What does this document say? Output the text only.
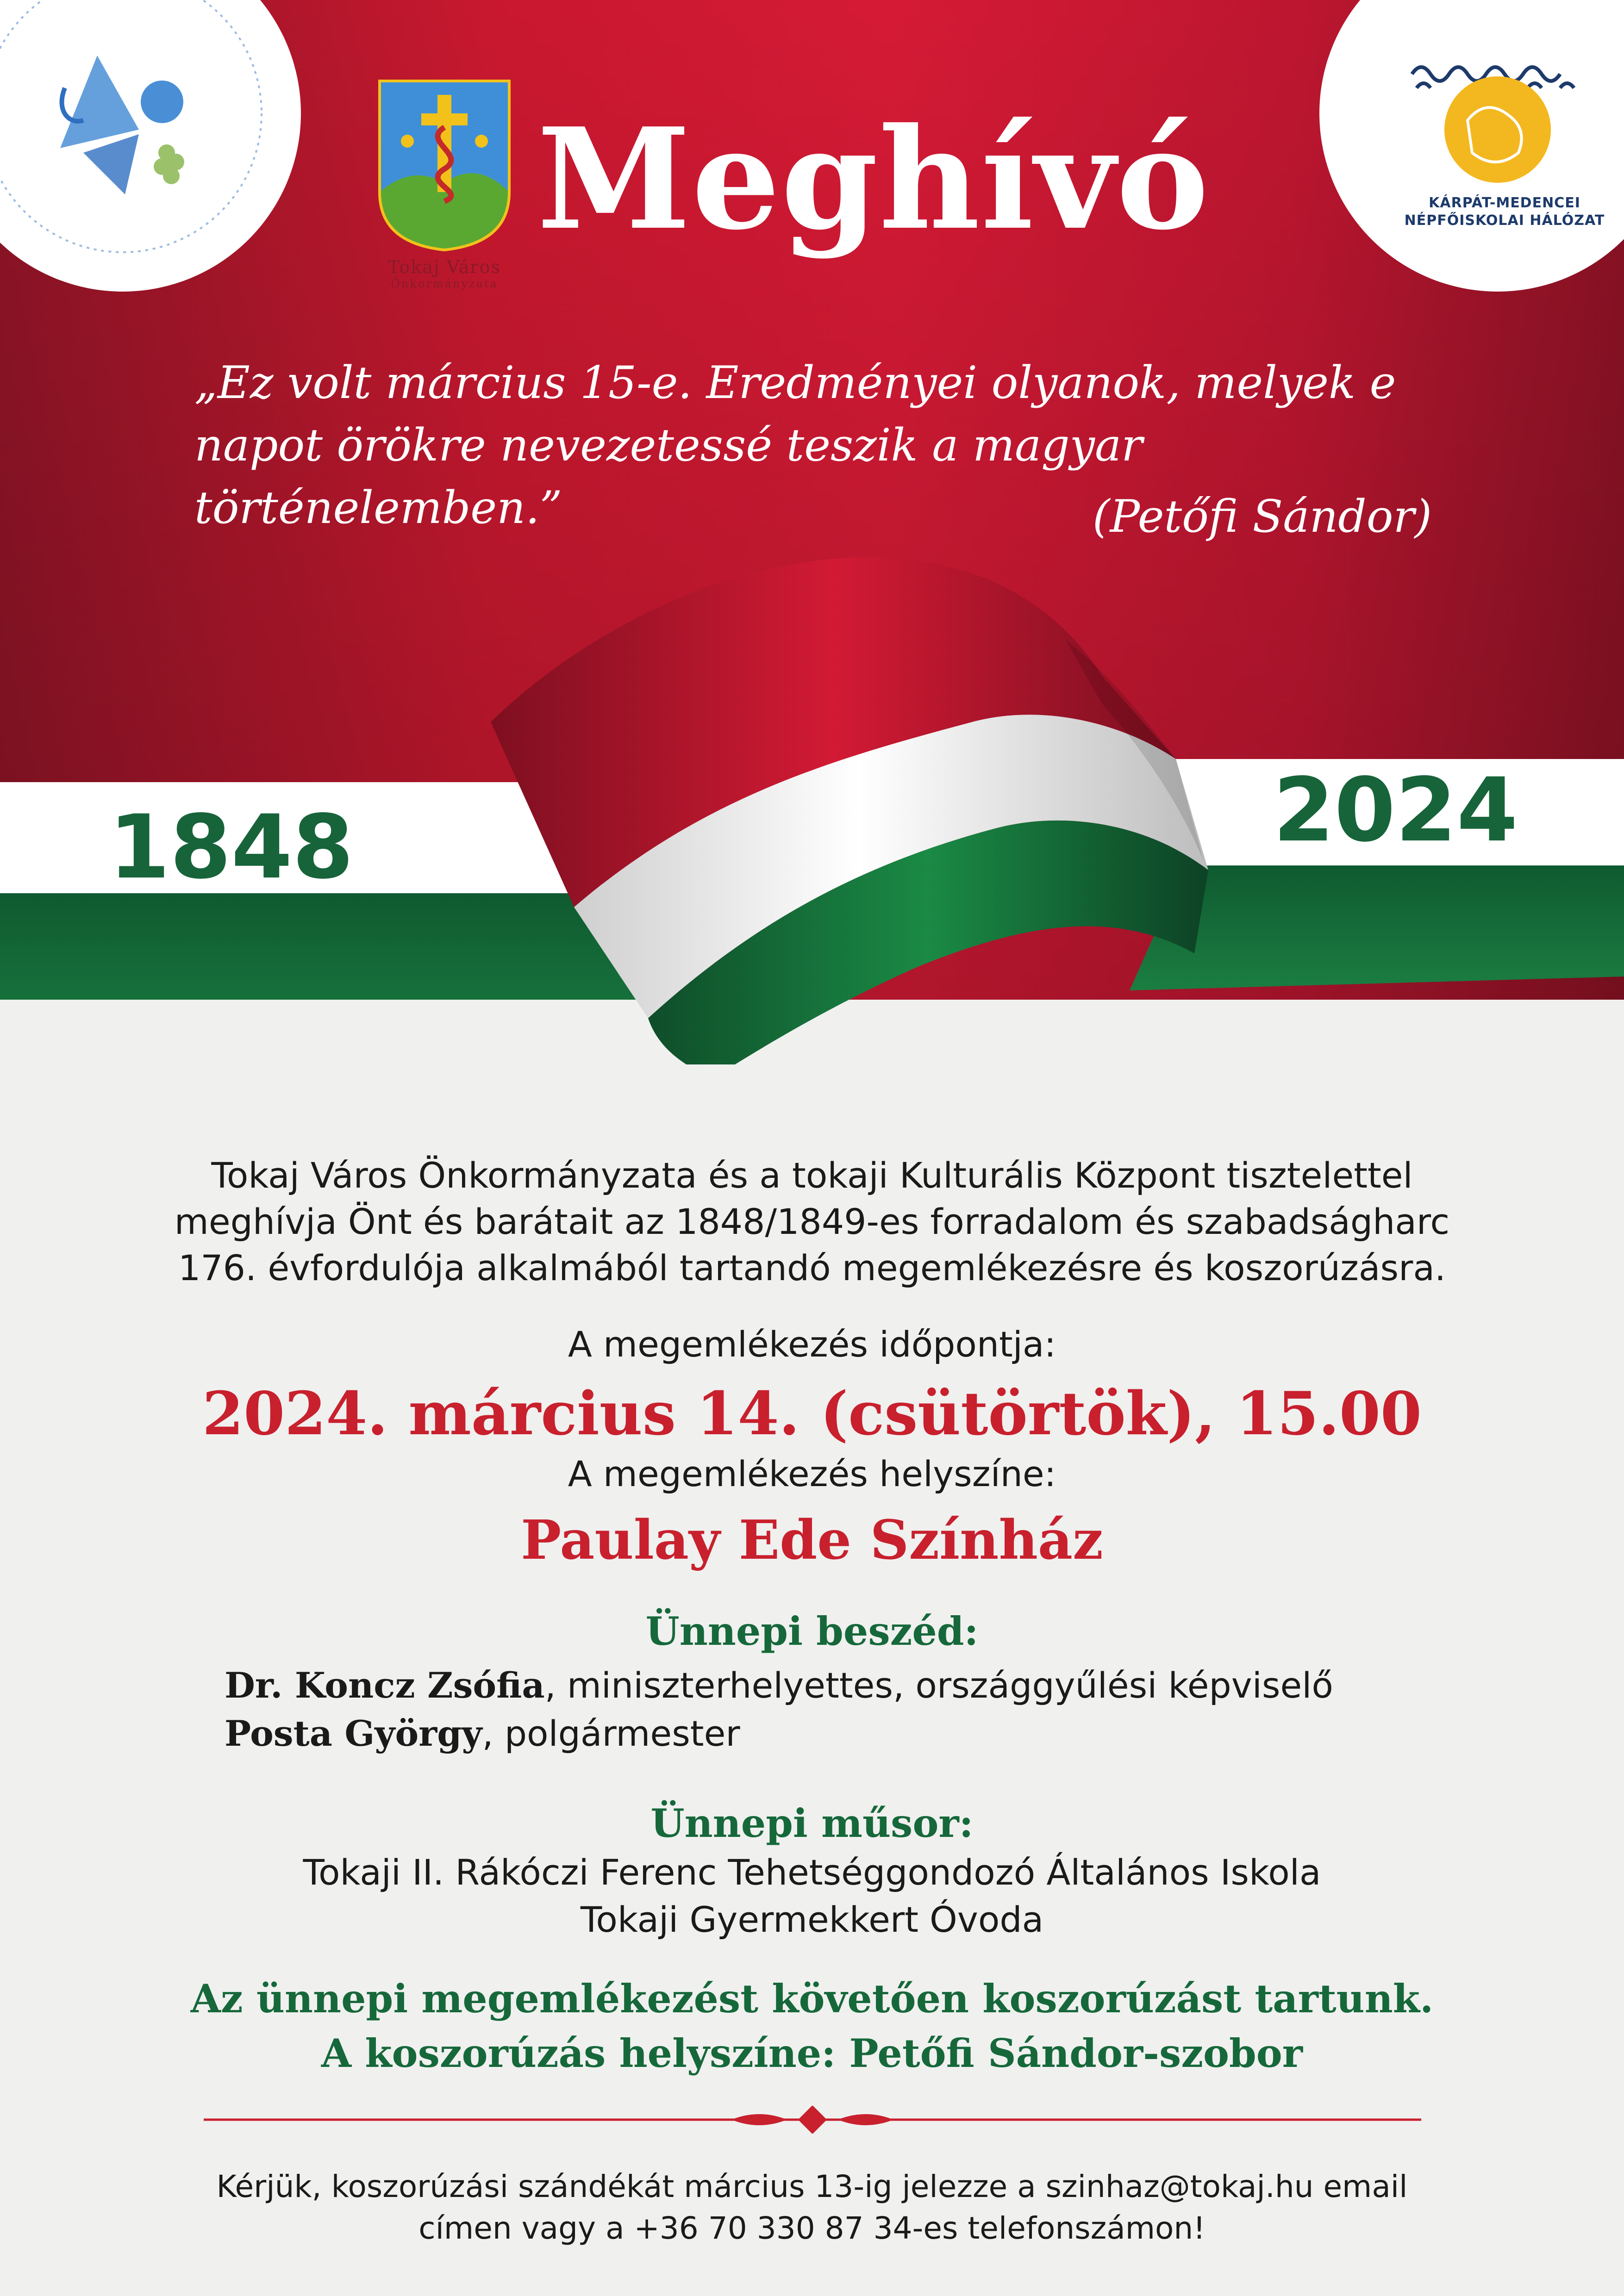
KÁRPÁT-MEDENCEI
NÉPFŐISKOLAI HÁLÓZAT
Tokaj Város
Önkormányzata
Meghívó
„Ez volt március 15-e. Eredményei olyanok, melyek e napot örökre nevezetessé teszik a magyar történelemben.”	(Petőfi Sándor)
1848	2024
Tokaj Város Önkormányzata és a tokaji Kulturális Központ tisztelettel
meghívja Önt és barátait az 1848/1849-es forradalom és szabadságharc
176. évfordulója alkalmából tartandó megemlékezésre és koszorúzásra.
A megemlékezés időpontja:
2024. március 14. (csütörtök), 15.00
A megemlékezés helyszíne:
Paulay Ede Színház
Ünnepi beszéd:
Dr. Koncz Zsófia, miniszterhelyettes, országgyűlési képviselő
Posta György, polgármester
Ünnepi műsor:
Tokaji II. Rákóczi Ferenc Tehetséggondozó Általános Iskola
Tokaji Gyermekkert Óvoda
Az ünnepi megemlékezést követően koszorúzást tartunk.
A koszorúzás helyszíne: Petőfi Sándor-szobor
Kérjük, koszorúzási szándékát március 13-ig jelezze a szinhaz@tokaj.hu email
címen vagy a +36 70 330 87 34-es telefonszámon!
